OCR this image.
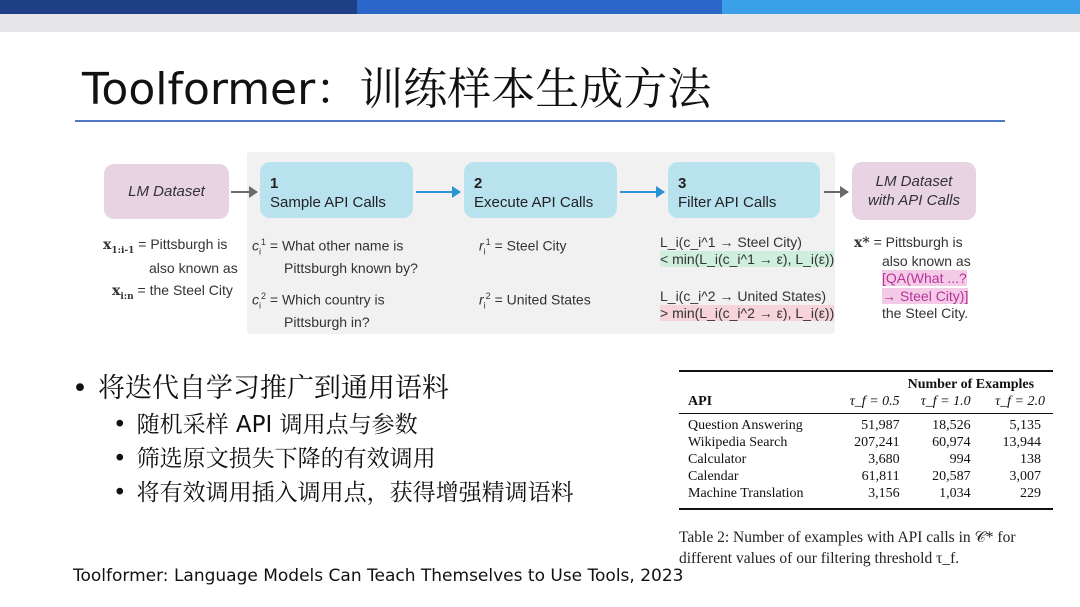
Toolformer：训练样本生成方法
LM Dataset	1
Sample API Calls
2
Execute API Calls
3
Filter API Calls
LM Dataset
with API Calls
$x_{1:i-1}$ = Pittsburgh is
also known as
$x_{i:n}$ = the Steel City
$c_i^1$ = What other name is
Pittsburgh known by?
$c_i^2$ = Which country is
Pittsburgh in?
$r_i^1$ = Steel City
$r_i^2$ = United States
L_i(c_i^1 → Steel City)
< min(L_i(c_i^1 → ε), L_i(ε))
L_i(c_i^2 → United States)
> min(L_i(c_i^2 → ε), L_i(ε))
x* = Pittsburgh is
also known as
[QA(What ...?
→ Steel City)]
the Steel City.
• 将迭代自学习推广到通用语料
• 随机采样 API 调用点与参数
• 筛选原文损失下降的有效调用
• 将有效调用插入调用点，获得增强精调语料
	Number of Examples		
API	τ_f = 0.5	τ_f = 1.0	τ_f = 2.0

Question Answering	51,987	18,526	5,135
Wikipedia Search	207,241	60,974	13,944
Calculator	3,680	994	138
Calendar	61,811	20,587	3,007
Machine Translation	3,156	1,034	229
Table 2: Number of examples with API calls in 𝒞* for different values of our filtering threshold τ_f.
Toolformer: Language Models Can Teach Themselves to Use Tools, 2023
